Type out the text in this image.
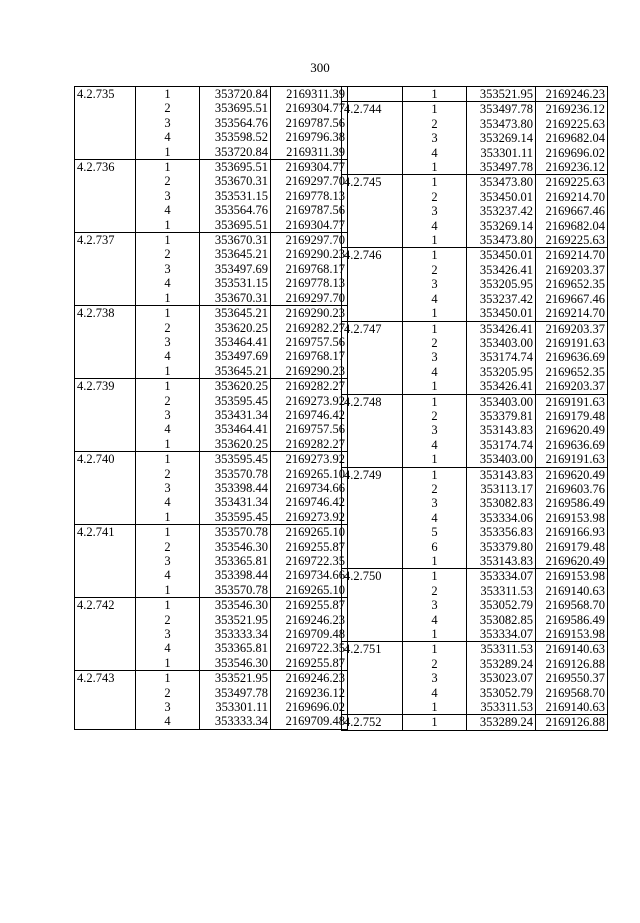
300
4.2.735	1	353720.84	2169311.39
	2	353695.51	2169304.77
	3	353564.76	2169787.56
	4	353598.52	2169796.38
	1	353720.84	2169311.39
4.2.736	1	353695.51	2169304.77
	2	353670.31	2169297.70
	3	353531.15	2169778.13
	4	353564.76	2169787.56
	1	353695.51	2169304.77
4.2.737	1	353670.31	2169297.70
	2	353645.21	2169290.23
	3	353497.69	2169768.17
	4	353531.15	2169778.13
	1	353670.31	2169297.70
4.2.738	1	353645.21	2169290.23
	2	353620.25	2169282.27
	3	353464.41	2169757.56
	4	353497.69	2169768.17
	1	353645.21	2169290.23
4.2.739	1	353620.25	2169282.27
	2	353595.45	2169273.92
	3	353431.34	2169746.42
	4	353464.41	2169757.56
	1	353620.25	2169282.27
4.2.740	1	353595.45	2169273.92
	2	353570.78	2169265.10
	3	353398.44	2169734.66
	4	353431.34	2169746.42
	1	353595.45	2169273.92
4.2.741	1	353570.78	2169265.10
	2	353546.30	2169255.87
	3	353365.81	2169722.35
	4	353398.44	2169734.66
	1	353570.78	2169265.10
4.2.742	1	353546.30	2169255.87
	2	353521.95	2169246.23
	3	353333.34	2169709.48
	4	353365.81	2169722.35
	1	353546.30	2169255.87
4.2.743	1	353521.95	2169246.23
	2	353497.78	2169236.12
	3	353301.11	2169696.02
	4	353333.34	2169709.48
	1	353521.95	2169246.23
4.2.744	1	353497.78	2169236.12
	2	353473.80	2169225.63
	3	353269.14	2169682.04
	4	353301.11	2169696.02
	1	353497.78	2169236.12
4.2.745	1	353473.80	2169225.63
	2	353450.01	2169214.70
	3	353237.42	2169667.46
	4	353269.14	2169682.04
	1	353473.80	2169225.63
4.2.746	1	353450.01	2169214.70
	2	353426.41	2169203.37
	3	353205.95	2169652.35
	4	353237.42	2169667.46
	1	353450.01	2169214.70
4.2.747	1	353426.41	2169203.37
	2	353403.00	2169191.63
	3	353174.74	2169636.69
	4	353205.95	2169652.35
	1	353426.41	2169203.37
4.2.748	1	353403.00	2169191.63
	2	353379.81	2169179.48
	3	353143.83	2169620.49
	4	353174.74	2169636.69
	1	353403.00	2169191.63
4.2.749	1	353143.83	2169620.49
	2	353113.17	2169603.76
	3	353082.83	2169586.49
	4	353334.06	2169153.98
	5	353356.83	2169166.93
	6	353379.80	2169179.48
	1	353143.83	2169620.49
4.2.750	1	353334.07	2169153.98
	2	353311.53	2169140.63
	3	353052.79	2169568.70
	4	353082.85	2169586.49
	1	353334.07	2169153.98
4.2.751	1	353311.53	2169140.63
	2	353289.24	2169126.88
	3	353023.07	2169550.37
	4	353052.79	2169568.70
	1	353311.53	2169140.63
4.2.752	1	353289.24	2169126.88
